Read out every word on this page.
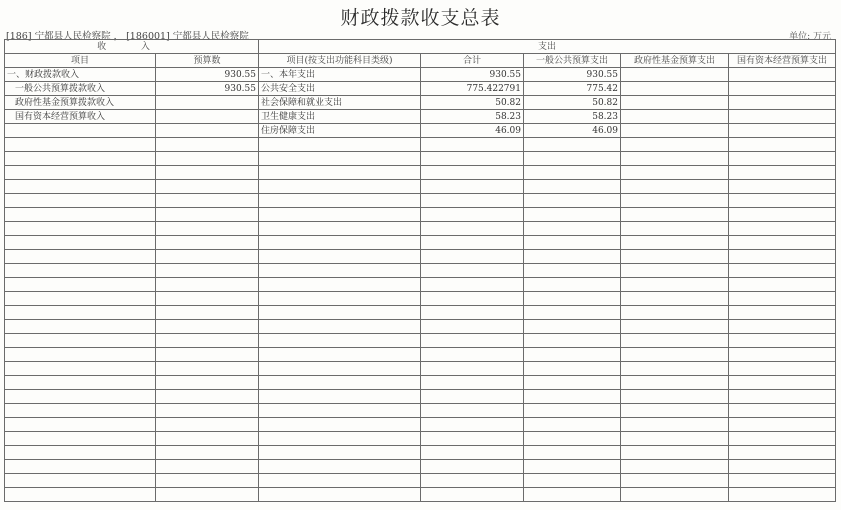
财政拨款收支总表
[186] 宁都县人民检察院 ， [186001] 宁都县人民检察院	单位: 万元
收 入		支出				
项目	预算数	项目(按支出功能科目类级)	合计	一般公共预算支出	政府性基金预算支出	国有资本经营预算支出
一、财政拨款收入	930.55	一、本年支出	930.55	930.55		
一般公共预算拨款收入	930.55	公共安全支出	775.422791	775.42		
政府性基金预算拨款收入		社会保障和就业支出	50.82	50.82		
国有资本经营预算收入		卫生健康支出	58.23	58.23		
		住房保障支出	46.09	46.09		
